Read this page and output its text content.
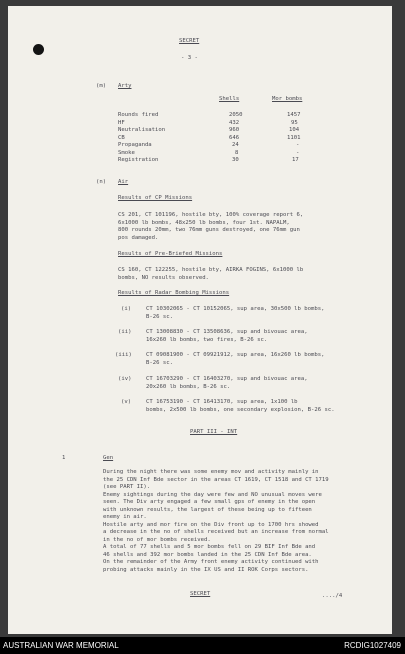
SECRET
- 3 -
(m) Arty
Shells	Mor bombs
Rounds fired	2050	1457
HF	432	95
Neutralisation	960	104
CB	646	1101
Propaganda	24	-
Smoke	8	-
Registration	30	17
(n) Air
Results of CP Missions
CS 201, CT 101196, hostile bty, 100% coverage report 6,
6x1000 lb bombs, 48x250 lb bombs, four 1st. NAPALM,
800 rounds 20mm, two 76mm guns destroyed, one 76mm gun
pos damaged.
Results of Pre-Briefed Missions
CS 160, CT 122255, hostile bty, AIRKA FOGINS, 6x1000 lb
bombs, NO results observed.
Results of Radar Bombing Missions
(i)	CT 10302065 - CT 10152065, sup area, 30x500 lb bombs,
B-26 sc.
(ii)	CT 13008830 - CT 13508636, sup and bivouac area,
16x260 lb bombs, two fires, B-26 sc.
(iii)	CT 09081900 - CT 09921912, sup area, 16x260 lb bombs,
B-26 sc.
(iv)	CT 16703290 - CT 16403270, sup and bivouac area,
20x260 lb bombs, B-26 sc.
(v)	CT 16753190 - CT 16413170, sup area, 1x100 lb
bombs, 2x500 lb bombs, one secondary explosion, B-26 sc.
PART III - INT
1	Gen
During the night there was some enemy mov and activity mainly in
the 25 CDN Inf Bde sector in the areas CT 1619, CT 1518 and CT 1719
(see PART II).
Enemy sightings during the day were few and NO unusual moves were
seen. The Div arty engaged a few small gps of enemy in the open
with unknown results, the largest of these being up to fifteen
enemy in air.
Hostile arty and mor fire on the Div front up to 1700 hrs showed
a decrease in the no of shells received but an increase from normal
in the no of mor bombs received.
A total of 77 shells and 5 mor bombs fell on 29 BIF Inf Bde and
46 shells and 392 mor bombs landed in the 25 CDN Inf Bde area.
On the remainder of the Army front enemy activity continued with
probing attacks mainly in the IX US and II ROK Corps sectors.
SECRET	..../4
AUSTRALIAN WAR MEMORIAL	RCDIG1027409
